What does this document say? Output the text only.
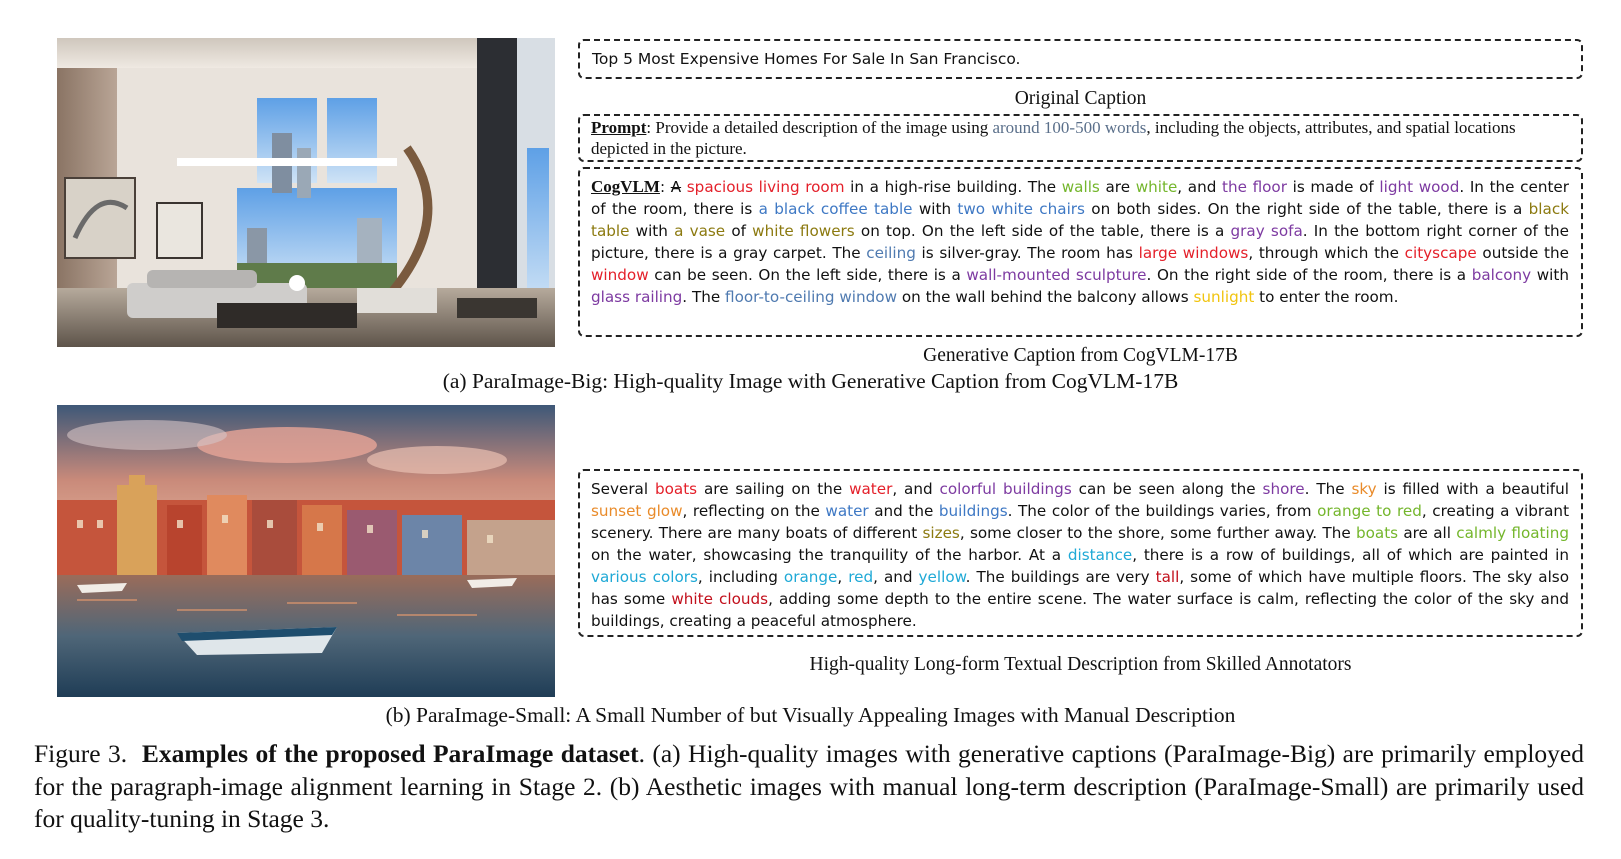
Top 5 Most Expensive Homes For Sale In San Francisco.
Original Caption
Prompt: Provide a detailed description of the image using around 100-500 words, including the objects, attributes, and spatial locations depicted in the picture.
CogVLM: A spacious living room in a high-rise building. The walls are white, and the floor is made of light wood. In the center of the room, there is a black coffee table with two white chairs on both sides. On the right side of the table, there is a black table with a vase of white flowers on top. On the left side of the table, there is a gray sofa. In the bottom right corner of the picture, there is a gray carpet. The ceiling is silver-gray. The room has large windows, through which the cityscape outside the window can be seen. On the left side, there is a wall-mounted sculpture. On the right side of the room, there is a balcony with glass railing. The floor-to-ceiling window on the wall behind the balcony allows sunlight to enter the room.
Generative Caption from CogVLM-17B
(a) ParaImage-Big: High-quality Image with Generative Caption from CogVLM-17B
Several boats are sailing on the water, and colorful buildings can be seen along the shore. The sky is filled with a beautiful sunset glow, reflecting on the water and the buildings. The color of the buildings varies, from orange to red, creating a vibrant scenery. There are many boats of different sizes, some closer to the shore, some further away. The boats are all calmly floating on the water, showcasing the tranquility of the harbor. At a distance, there is a row of buildings, all of which are painted in various colors, including orange, red, and yellow. The buildings are very tall, some of which have multiple floors. The sky also has some white clouds, adding some depth to the entire scene. The water surface is calm, reflecting the color of the sky and buildings, creating a peaceful atmosphere.
High-quality Long-form Textual Description from Skilled Annotators
(b) ParaImage-Small: A Small Number of but Visually Appealing Images with Manual Description
Figure 3. Examples of the proposed ParaImage dataset. (a) High-quality images with generative captions (ParaImage-Big) are primarily employed for the paragraph-image alignment learning in Stage 2. (b) Aesthetic images with manual long-term description (ParaImage-Small) are primarily used for quality-tuning in Stage 3.
